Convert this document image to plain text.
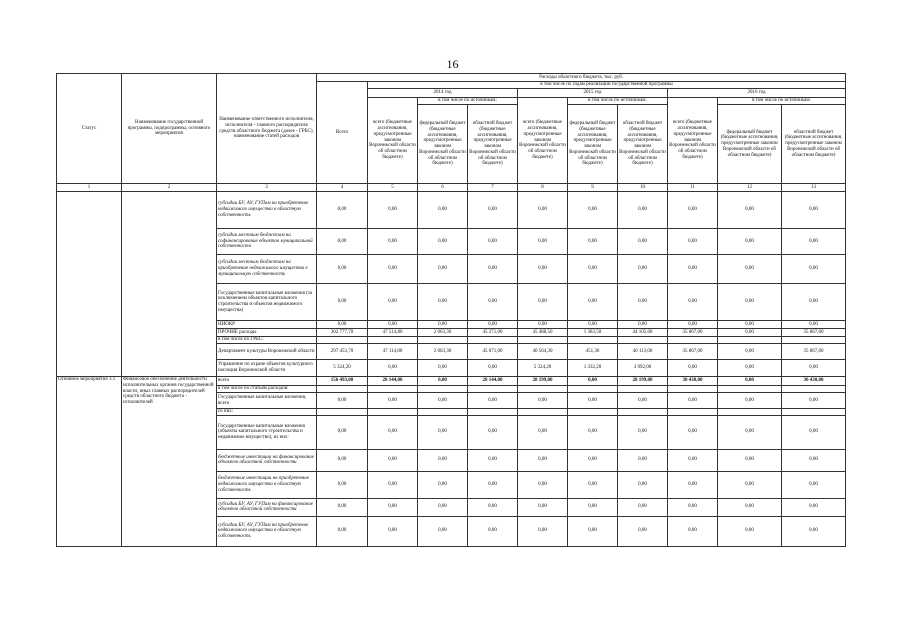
16
Статус	Наименование государственной программы, подпрограммы, основного мероприятия	Наименование ответственного исполнителя, исполнителя - главного распорядителя средств областного бюджета (далее - ГРБС), наименование статей расходов	Расходы областного бюджета, тыс. руб.									
			Всего	в том числе по годам реализации государственной программы								
				2014 год			2015 год			2016 год		
				всего (бюджетные ассигнования, предусмотренные законом Воронежской области об областном бюджете)	в том числе по источникам:		всего (бюджетные ассигнования, предусмотренные законом Воронежской области об областном бюджете)	в том числе по источникам:		всего (бюджетные ассигнования, предусмотренные законом Воронежской области об областном бюджете)	в том числе по источникам:	
					федеральный бюджет (бюджетные ассигнования, предусмотренные законом Воронежской области об областном бюджете)	областной бюджет (бюджетные ассигнования, предусмотренные законом Воронежской области об областном бюджете)		федеральный бюджет (бюджетные ассигнования, предусмотренные законом Воронежской области об областном бюджете)	областной бюджет (бюджетные ассигнования, предусмотренные законом Воронежской области об областном бюджете)		федеральный бюджет (бюджетные ассигнования, предусмотренные законом Воронежской области об областном бюджете)	областной бюджет (бюджетные ассигнования, предусмотренные законом Воронежской области об областном бюджете)
1	2	3	4	5	6	7	8	9	10	11	12	13
		субсидии БУ, АУ, ГУПам на приобретение недвижимого имущества в областную собственность	0,00	0,00	0,00	0,00	0,00	0,00	0,00	0,00	0,00	0,00
		субсидии местным бюджетам на софинансирование объектов муниципальной собственности	0,00	0,00	0,00	0,00	0,00	0,00	0,00	0,00	0,00	0,00
		субсидии местным бюджетам на приобретение недвижимого имущества в муниципальную собственность	0,00	0,00	0,00	0,00	0,00	0,00	0,00	0,00	0,00	0,00
		Государственные капитальные вложения (за исключением объектов капитального строительства и объектов недвижимого имущества)	0,00	0,00	0,00	0,00	0,00	0,00	0,00	0,00	0,00	0,00
		НИОКР	0,00	0,00	0,00	0,00	0,00	0,00	0,00	0,00	0,00	0,00
		ПРОЧИЕ расходы	302 777,70	47 514,80	2 063,30	45 271,00	45 488,50	1 383,50	44 105,00	35 867,00	0,00	35 867,00
		в том числе по ГРБС:										
		Департамент культуры Воронежской области	297 453,70	47 114,80	2 063,30	45 071,00	40 564,30	451,30	40 113,00	35 867,00	0,00	35 867,00
		Управление по охране объектов культурного наследия Воронежской области	5 324,20	0,00	0,00	0,00	5 324,20	1 332,20	3 992,00	0,00	0,00	0,00
Основное мероприятие 3.1	Финансовое обеспечение деятельности исполнительных органов государственной власти, иных главных распорядителей средств областного бюджета - исполнителей	всего	156 493,00	28 144,00	0,00	28 144,00	28 199,00	0,00	28 199,00	30 430,00	0,00	30 430,00
		в том числе по статьям расходов:										
		Государственные капитальные вложения, всего	0,00	0,00	0,00	0,00	0,00	0,00	0,00	0,00	0,00	0,00
		из них:										
		Государственные капитальные вложения (объекты капитального строительства и недвижимое имущество), из них:	0,00	0,00	0,00	0,00	0,00	0,00	0,00	0,00	0,00	0,00
		бюджетные инвестиции на финансирование объектов областной собственности	0,00	0,00	0,00	0,00	0,00	0,00	0,00	0,00	0,00	0,00
		бюджетные инвестиции на приобретение недвижимого имущества в областную собственность	0,00	0,00	0,00	0,00	0,00	0,00	0,00	0,00	0,00	0,00
		субсидии БУ, АУ, ГУПам на финансирование объектов областной собственности	0,00	0,00	0,00	0,00	0,00	0,00	0,00	0,00	0,00	0,00
		субсидии БУ, АУ, ГУПам на приобретение недвижимого имущества в областную собственность	0,00	0,00	0,00	0,00	0,00	0,00	0,00	0,00	0,00	0,00
